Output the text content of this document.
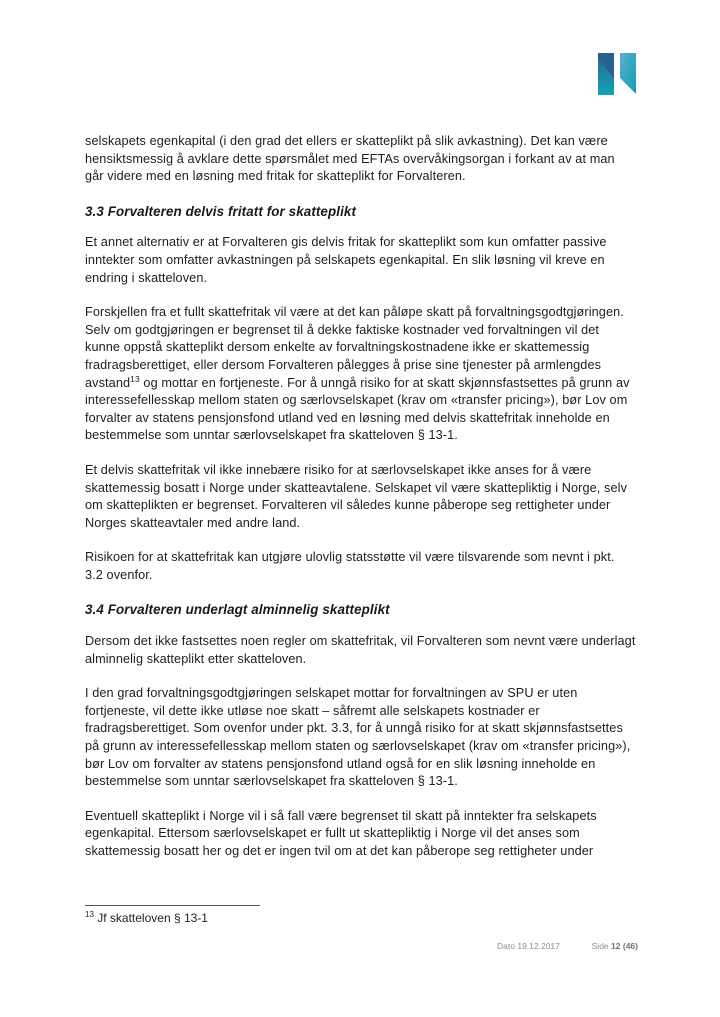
selskapets egenkapital (i den grad det ellers er skatteplikt på slik avkastning). Det kan være hensiktsmessig å avklare dette spørsmålet med EFTAs overvåkingsorgan i forkant av at man går videre med en løsning med fritak for skatteplikt for Forvalteren.

3.3 Forvalteren delvis fritatt for skatteplikt

Et annet alternativ er at Forvalteren gis delvis fritak for skatteplikt som kun omfatter passive inntekter som omfatter avkastningen på selskapets egenkapital. En slik løsning vil kreve en endring i skatteloven.

Forskjellen fra et fullt skattefritak vil være at det kan påløpe skatt på forvaltningsgodtgjøringen. Selv om godtgjøringen er begrenset til å dekke faktiske kostnader ved forvaltningen vil det kunne oppstå skatteplikt dersom enkelte av forvaltningskostnadene ikke er skattemessig fradragsberettiget, eller dersom Forvalteren pålegges å prise sine tjenester på armlengdes avstand$^{13}$ og mottar en fortjeneste. For å unngå risiko for at skatt skjønnsfastsettes på grunn av interessefellesskap mellom staten og særlovselskapet (krav om «transfer pricing»), bør Lov om forvalter av statens pensjonsfond utland ved en løsning med delvis skattefritak inneholde en bestemmelse som unntar særlovselskapet fra skatteloven § 13-1.

Et delvis skattefritak vil ikke innebære risiko for at særlovselskapet ikke anses for å være skattemessig bosatt i Norge under skatteavtalene. Selskapet vil være skattepliktig i Norge, selv om skatteplikten er begrenset. Forvalteren vil således kunne påberope seg rettigheter under Norges skatteavtaler med andre land.

Risikoen for at skattefritak kan utgjøre ulovlig statsstøtte vil være tilsvarende som nevnt i pkt. 3.2 ovenfor.

3.4 Forvalteren underlagt alminnelig skatteplikt

Dersom det ikke fastsettes noen regler om skattefritak, vil Forvalteren som nevnt være underlagt alminnelig skatteplikt etter skatteloven.

I den grad forvaltningsgodtgjøringen selskapet mottar for forvaltningen av SPU er uten fortjeneste, vil dette ikke utløse noe skatt – såfremt alle selskapets kostnader er fradragsberettiget. Som ovenfor under pkt. 3.3, for å unngå risiko for at skatt skjønnsfastsettes på grunn av interessefellesskap mellom staten og særlovselskapet (krav om «transfer pricing»), bør Lov om forvalter av statens pensjonsfond utland også for en slik løsning inneholde en bestemmelse som unntar særlovselskapet fra skatteloven § 13-1.

Eventuell skatteplikt i Norge vil i så fall være begrenset til skatt på inntekter fra selskapets egenkapital. Ettersom særlovselskapet er fullt ut skattepliktig i Norge vil det anses som skattemessig bosatt her og det er ingen tvil om at det kan påberope seg rettigheter under

$^{13}$ Jf skatteloven § 13-1

Dato 19.12.2017	Side 12 (46)
